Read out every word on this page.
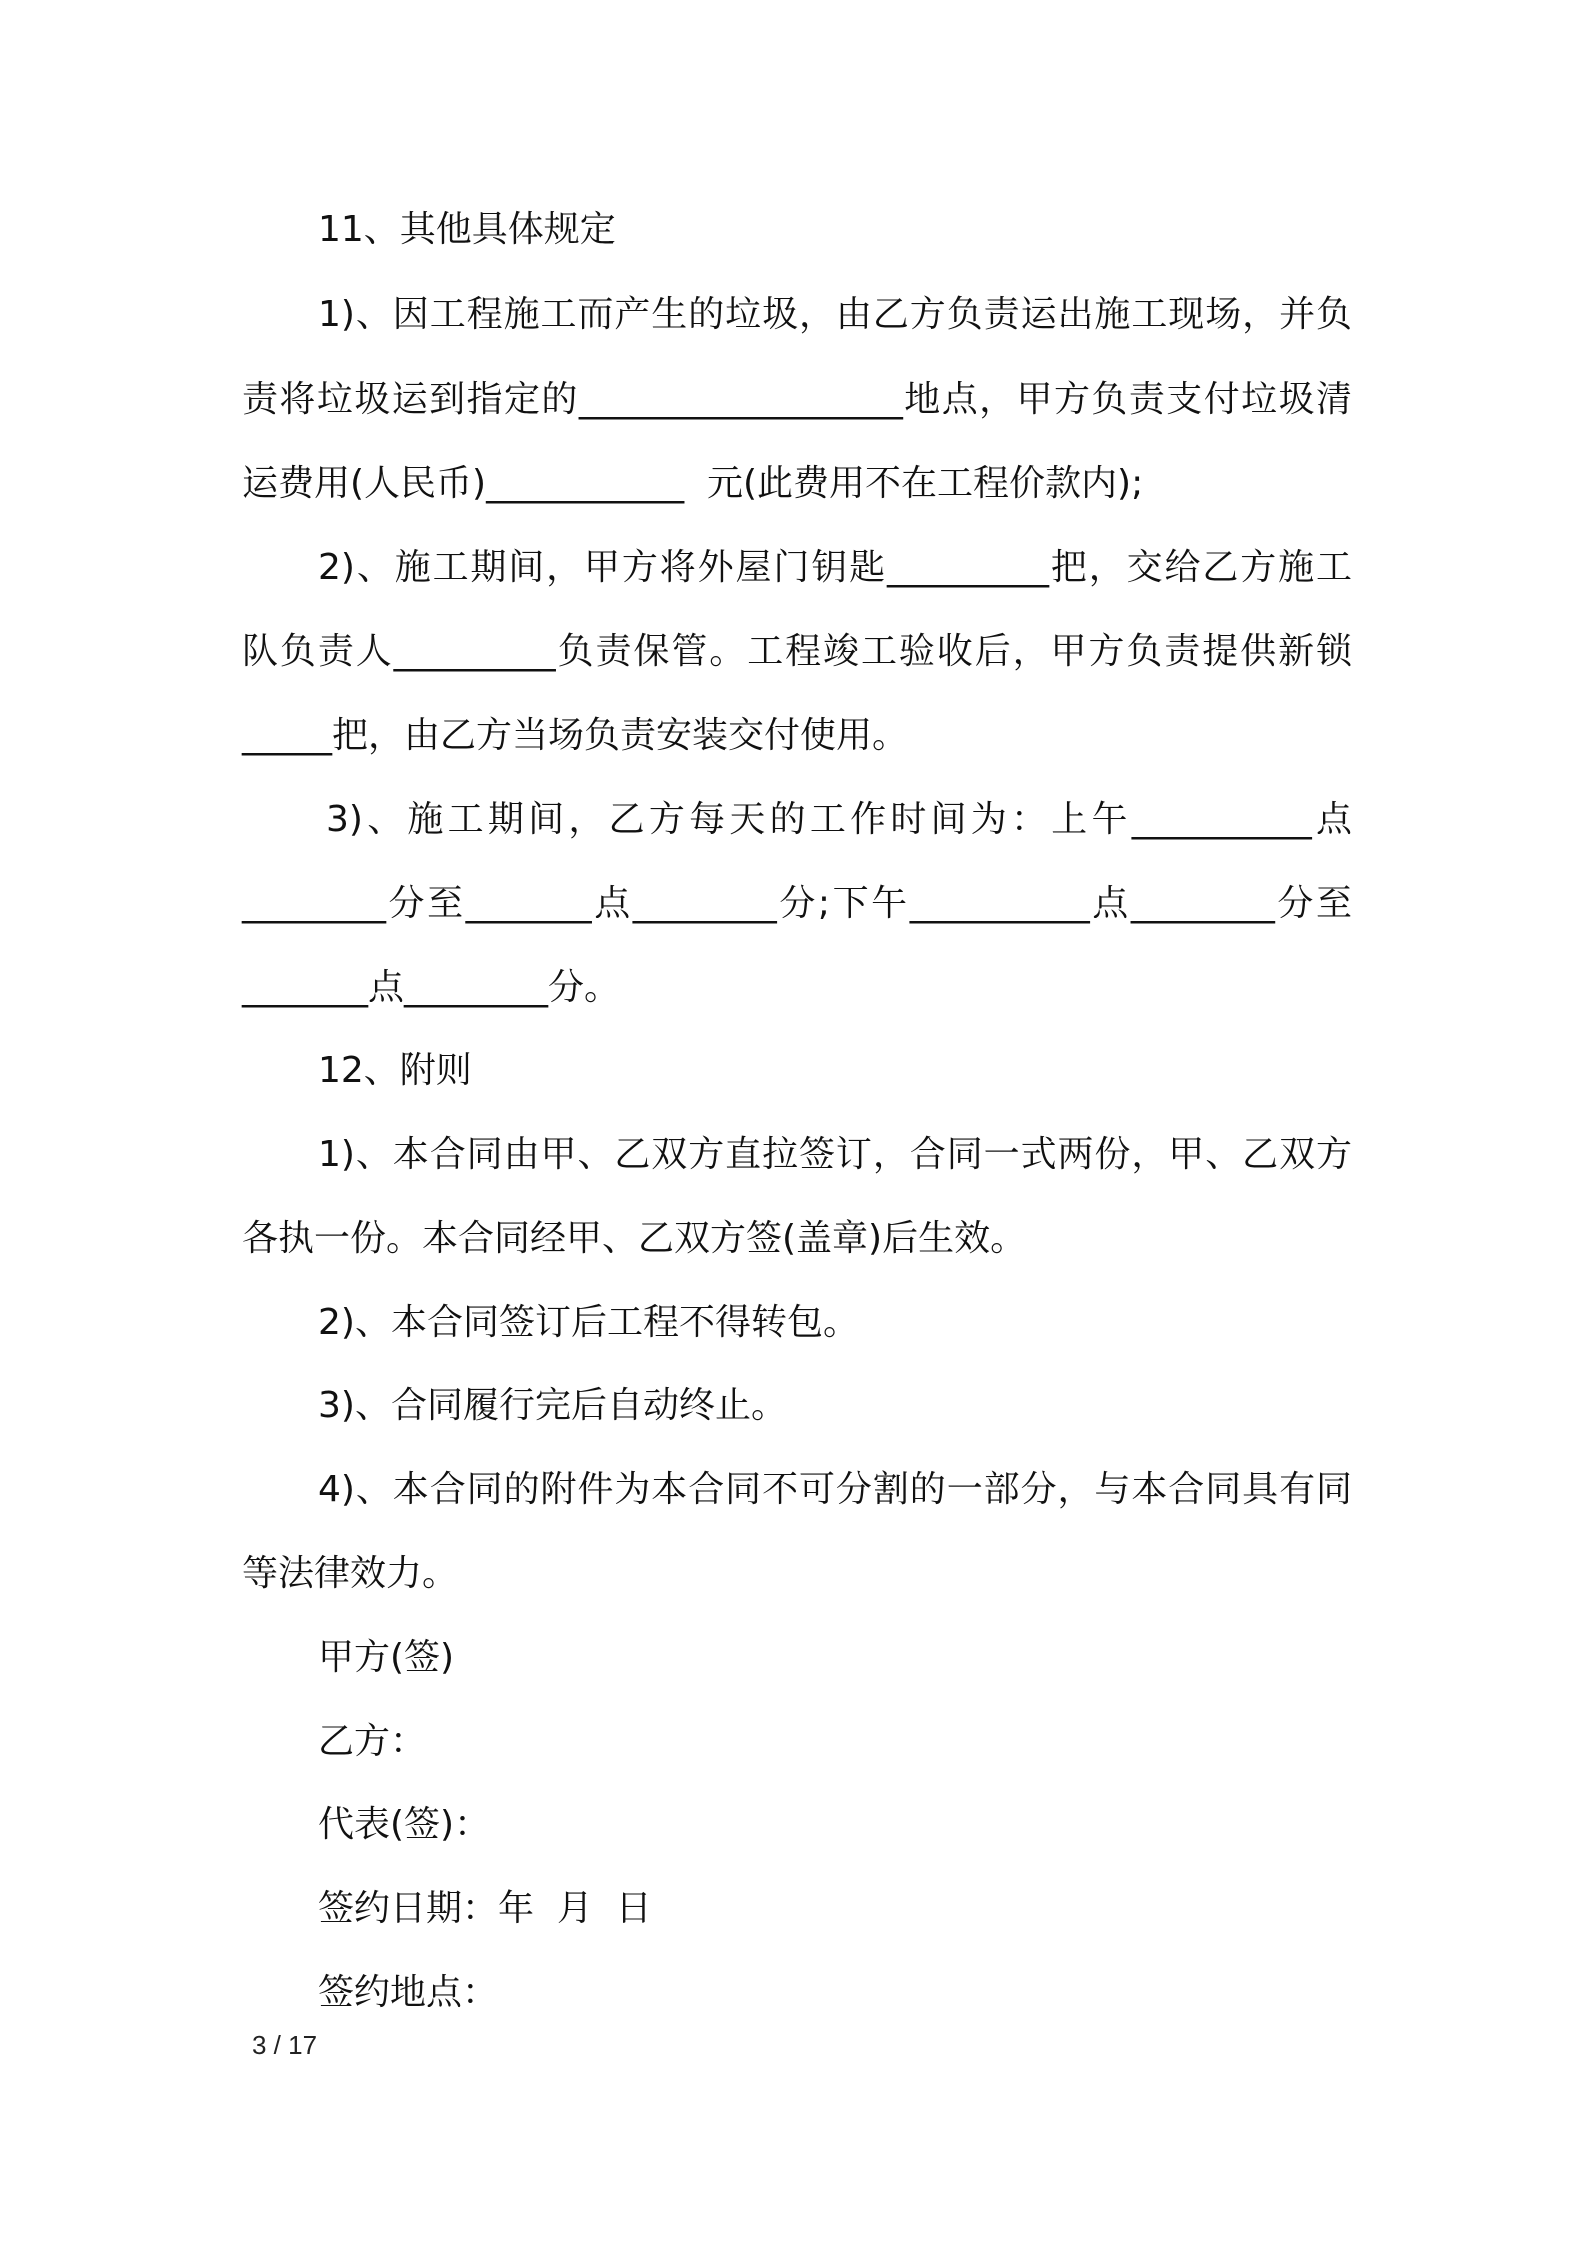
11、其他具体规定
1)、因工程施工而产生的垃圾，由乙方负责运出施工现场，并负
责将垃圾运到指定的__________________地点，甲方负责支付垃圾清
运费用(人民币)___________  元(此费用不在工程价款内);
2)、施工期间，甲方将外屋门钥匙_________把，交给乙方施工
队负责人_________负责保管。工程竣工验收后，甲方负责提供新锁
_____把，由乙方当场负责安装交付使用。
3)、施工期间，乙方每天的工作时间为：上午__________点
________分至_______点________分;下午__________点________分至
_______点________分。
12、附则
1)、本合同由甲、乙双方直拉签订，合同一式两份，甲、乙双方
各执一份。本合同经甲、乙双方签(盖章)后生效。
2)、本合同签订后工程不得转包。
3)、合同履行完后自动终止。
4)、本合同的附件为本合同不可分割的一部分，与本合同具有同
等法律效力。
甲方(签)
乙方：
代表(签)：
签约日期：年  月  日
签约地点：
3 / 17
